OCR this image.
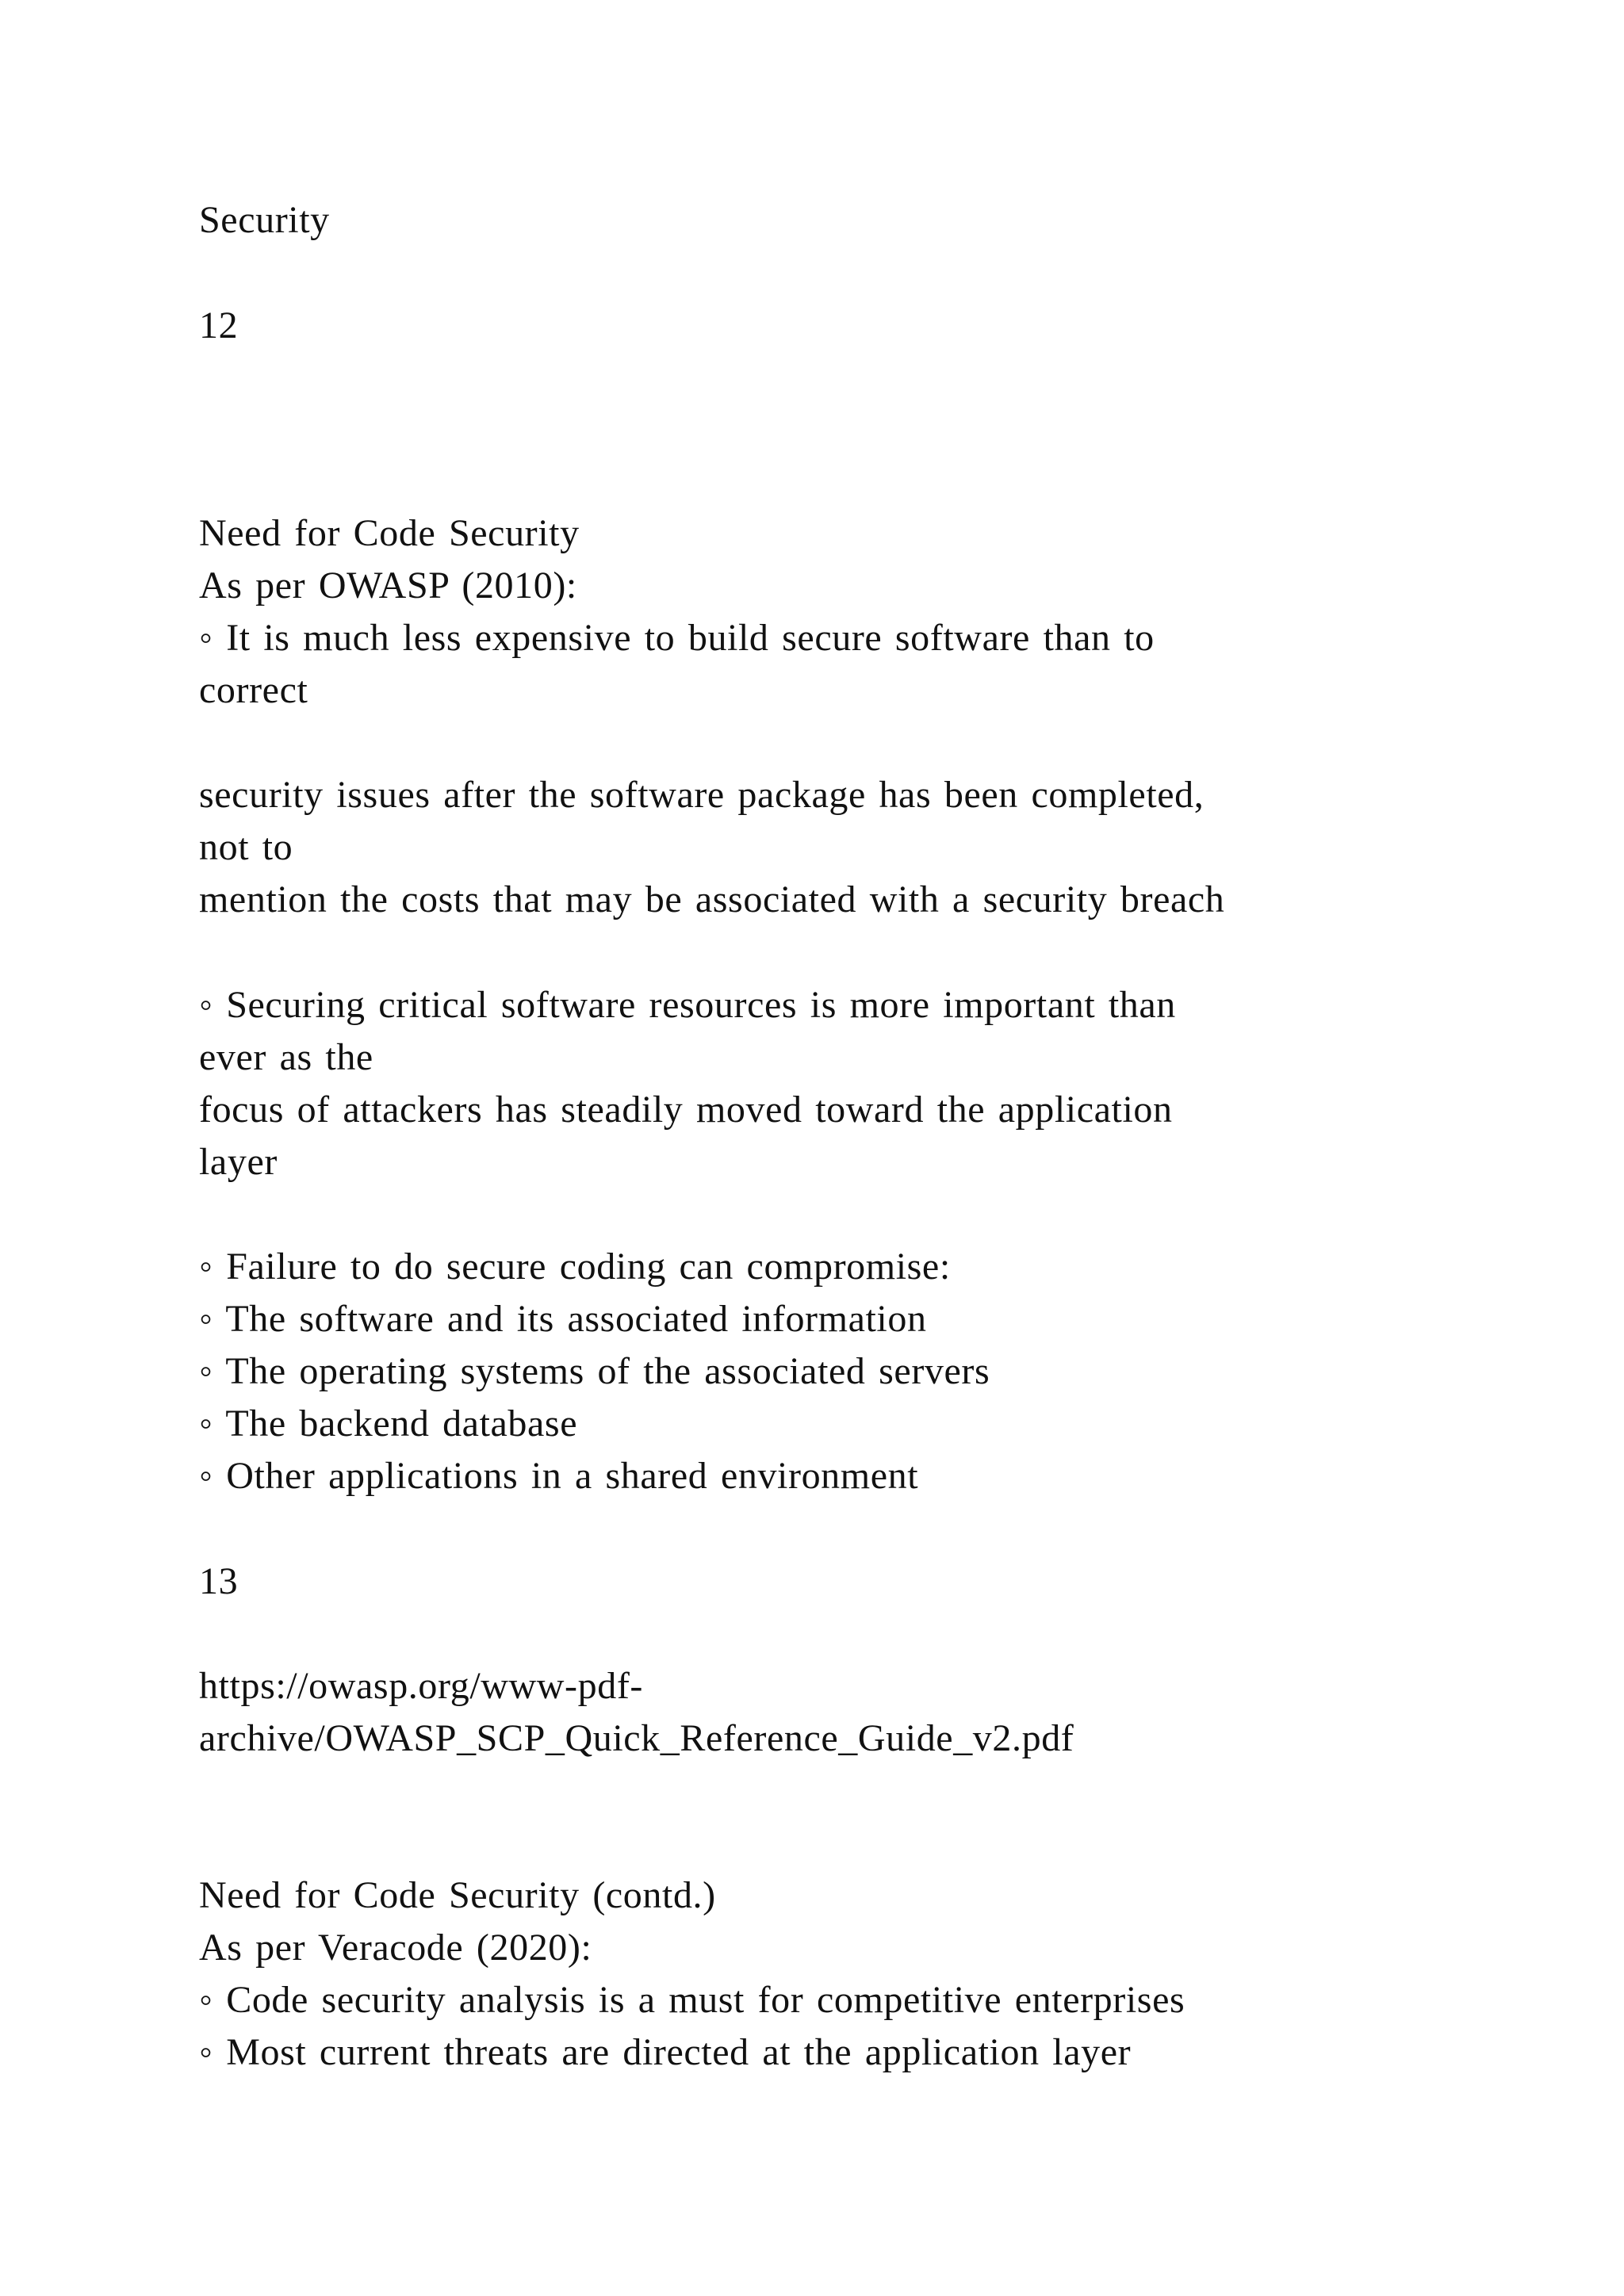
Security

12

Need for Code Security

As per OWASP (2010):

◦ It is much less expensive to build secure software than to

correct

security issues after the software package has been completed,

not to

mention the costs that may be associated with a security breach

◦ Securing critical software resources is more important than

ever as the

focus of attackers has steadily moved toward the application

layer

◦ Failure to do secure coding can compromise:

◦ The software and its associated information

◦ The operating systems of the associated servers

◦ The backend database

◦ Other applications in a shared environment

13

https://owasp.org/www-pdf-

archive/OWASP_SCP_Quick_Reference_Guide_v2.pdf

Need for Code Security (contd.)

As per Veracode (2020):

◦ Code security analysis is a must for competitive enterprises

◦ Most current threats are directed at the application layer
